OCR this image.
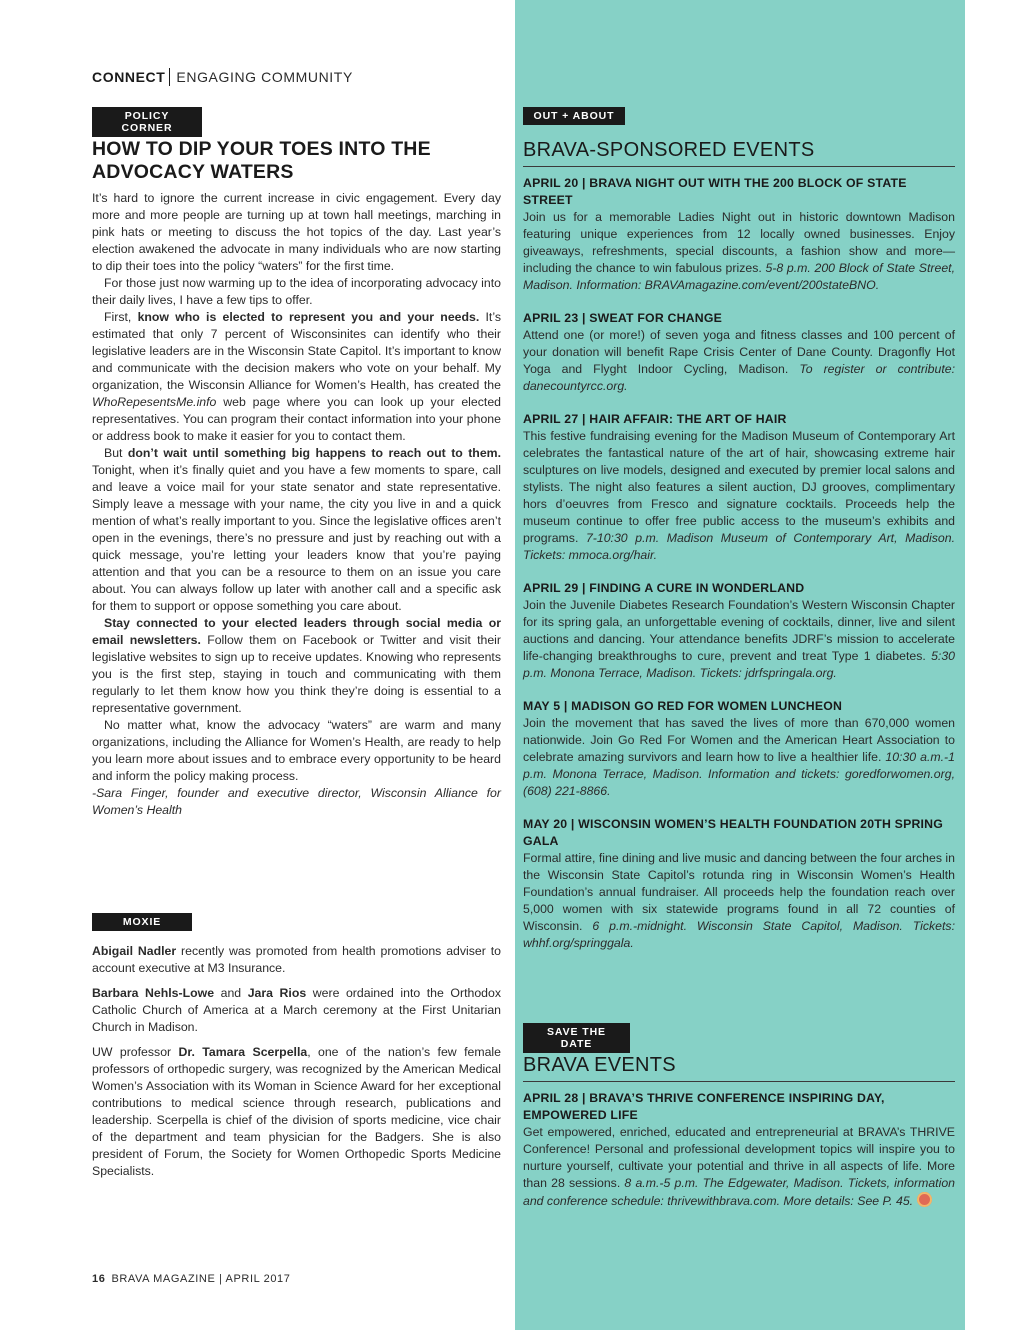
CONNECT ENGAGING COMMUNITY
POLICY CORNER
HOW TO DIP YOUR TOES INTO THE ADVOCACY WATERS

It’s hard to ignore the current increase in civic engagement. Every day more and more people are turning up at town hall meetings, marching in pink hats or meeting to discuss the hot topics of the day. Last year’s election awakened the advocate in many individuals who are now starting to dip their toes into the policy “waters” for the first time.

For those just now warming up to the idea of incorporating advocacy into their daily lives, I have a few tips to offer.

First, know who is elected to represent you and your needs. It’s estimated that only 7 percent of Wisconsinites can identify who their legislative leaders are in the Wisconsin State Capitol. It’s important to know and communicate with the decision makers who vote on your behalf. My organization, the Wisconsin Alliance for Women’s Health, has created the WhoRepesentsMe.info web page where you can look up your elected representatives. You can program their contact information into your phone or address book to make it easier for you to contact them.

But don’t wait until something big happens to reach out to them. Tonight, when it’s finally quiet and you have a few moments to spare, call and leave a voice mail for your state senator and state representative. Simply leave a message with your name, the city you live in and a quick mention of what’s really important to you. Since the legislative offices aren’t open in the evenings, there’s no pressure and just by reaching out with a quick message, you’re letting your leaders know that you’re paying attention and that you can be a resource to them on an issue you care about. You can always follow up later with another call and a specific ask for them to support or oppose something you care about.

Stay connected to your elected leaders through social media or email newsletters. Follow them on Facebook or Twitter and visit their legislative websites to sign up to receive updates. Knowing who represents you is the first step, staying in touch and communicating with them regularly to let them know how you think they’re doing is essential to a representative government.

No matter what, know the advocacy “waters” are warm and many organizations, including the Alliance for Women’s Health, are ready to help you learn more about issues and to embrace every opportunity to be heard and inform the policy making process.

-Sara Finger, founder and executive director, Wisconsin Alliance for Women’s Health

MOXIE

Abigail Nadler recently was promoted from health promotions adviser to account executive at M3 Insurance.

Barbara Nehls-Lowe and Jara Rios were ordained into the Orthodox Catholic Church of America at a March ceremony at the First Unitarian Church in Madison.

UW professor Dr. Tamara Scerpella, one of the nation’s few female professors of orthopedic surgery, was recognized by the American Medical Women’s Association with its Woman in Science Award for her exceptional contributions to medical science through research, publications and leadership. Scerpella is chief of the division of sports medicine, vice chair of the department and team physician for the Badgers. She is also president of Forum, the Society for Women Orthopedic Sports Medicine Specialists.

OUT + ABOUT
BRAVA-SPONSORED EVENTS

APRIL 20 | BRAVA NIGHT OUT WITH THE 200 BLOCK OF STATE STREET

Join us for a memorable Ladies Night out in historic downtown Madison featuring unique experiences from 12 locally owned businesses. Enjoy giveaways, refreshments, special discounts, a fashion show and more—including the chance to win fabulous prizes. 5-8 p.m. 200 Block of State Street, Madison. Information: BRAVAmagazine.com/event/200stateBNO.

APRIL 23 | SWEAT FOR CHANGE

Attend one (or more!) of seven yoga and fitness classes and 100 percent of your donation will benefit Rape Crisis Center of Dane County. Dragonfly Hot Yoga and Flyght Indoor Cycling, Madison. To register or contribute: danecountyrcc.org.

APRIL 27 | HAIR AFFAIR: THE ART OF HAIR

This festive fundraising evening for the Madison Museum of Contemporary Art celebrates the fantastical nature of the art of hair, showcasing extreme hair sculptures on live models, designed and executed by premier local salons and stylists. The night also features a silent auction, DJ grooves, complimentary hors d’oeuvres from Fresco and signature cocktails. Proceeds help the museum continue to offer free public access to the museum’s exhibits and programs. 7-10:30 p.m. Madison Museum of Contemporary Art, Madison. Tickets: mmoca.org/hair.

APRIL 29 | FINDING A CURE IN WONDERLAND

Join the Juvenile Diabetes Research Foundation’s Western Wisconsin Chapter for its spring gala, an unforgettable evening of cocktails, dinner, live and silent auctions and dancing. Your attendance benefits JDRF’s mission to accelerate life-changing breakthroughs to cure, prevent and treat Type 1 diabetes. 5:30 p.m. Monona Terrace, Madison. Tickets: jdrfspringala.org.

MAY 5 | MADISON GO RED FOR WOMEN LUNCHEON

Join the movement that has saved the lives of more than 670,000 women nationwide. Join Go Red For Women and the American Heart Association to celebrate amazing survivors and learn how to live a healthier life. 10:30 a.m.-1 p.m. Monona Terrace, Madison. Information and tickets: goredforwomen.org, (608) 221-8866.

MAY 20 | WISCONSIN WOMEN’S HEALTH FOUNDATION 20TH SPRING GALA

Formal attire, fine dining and live music and dancing between the four arches in the Wisconsin State Capitol’s rotunda ring in Wisconsin Women’s Health Foundation’s annual fundraiser. All proceeds help the foundation reach over 5,000 women with six statewide programs found in all 72 counties of Wisconsin. 6 p.m.-midnight. Wisconsin State Capitol, Madison. Tickets: whhf.org/springgala.

SAVE THE DATE
BRAVA EVENTS

APRIL 28 | BRAVA’S THRIVE CONFERENCE INSPIRING DAY, EMPOWERED LIFE

Get empowered, enriched, educated and entrepreneurial at BRAVA’s THRIVE Conference! Personal and professional development topics will inspire you to nurture yourself, cultivate your potential and thrive in all aspects of life. More than 28 sessions. 8 a.m.-5 p.m. The Edgewater, Madison. Tickets, information and conference schedule: thrivewithbrava.com. More details: See P. 45.

16 BRAVA MAGAZINE | APRIL 2017
